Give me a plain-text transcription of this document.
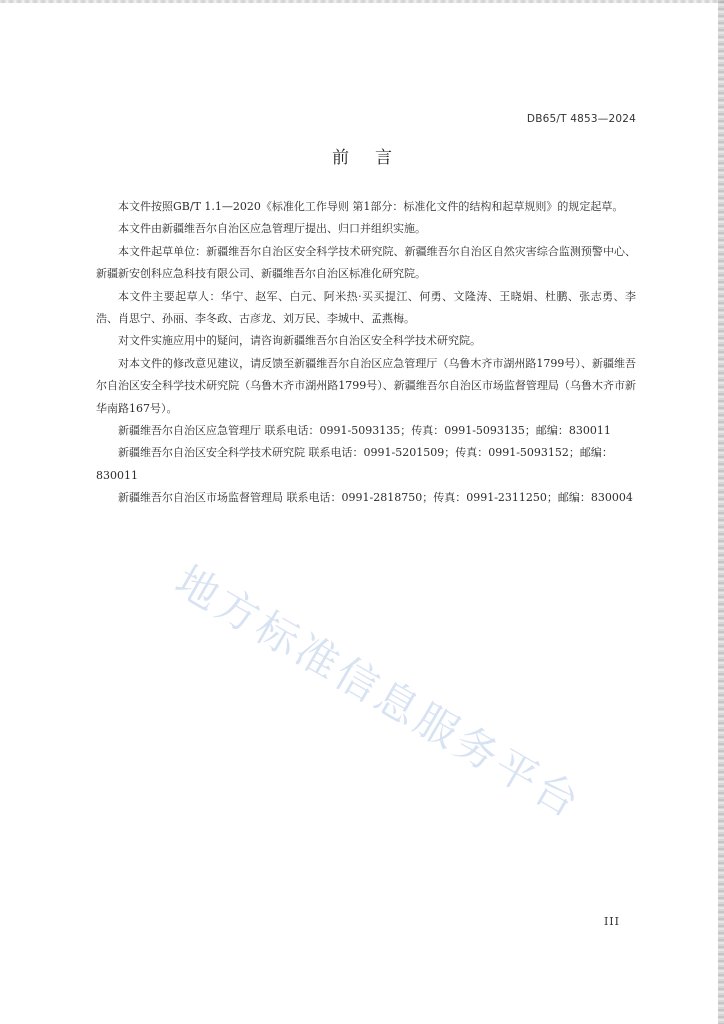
DB65/T 4853—2024
前言

本文件按照GB/T 1.1—2020《标准化工作导则 第1部分：标准化文件的结构和起草规则》的规定起草。

本文件由新疆维吾尔自治区应急管理厅提出、归口并组织实施。

本文件起草单位：新疆维吾尔自治区安全科学技术研究院、新疆维吾尔自治区自然灾害综合监测预警中心、新疆新安创科应急科技有限公司、新疆维吾尔自治区标准化研究院。

本文件主要起草人：华宁、赵军、白元、阿米热·买买提江、何勇、文隆涛、王晓娟、杜鹏、张志勇、李浩、肖思宁、孙丽、李冬政、古彦龙、刘万民、李城中、孟燕梅。

对文件实施应用中的疑问，请咨询新疆维吾尔自治区安全科学技术研究院。

对本文件的修改意见建议，请反馈至新疆维吾尔自治区应急管理厅（乌鲁木齐市湖州路1799号）、新疆维吾尔自治区安全科学技术研究院（乌鲁木齐市湖州路1799号）、新疆维吾尔自治区市场监督管理局（乌鲁木齐市新华南路167号）。

新疆维吾尔自治区应急管理厅 联系电话：0991-5093135；传真：0991-5093135；邮编：830011

新疆维吾尔自治区安全科学技术研究院 联系电话：0991-5201509；传真：0991-5093152；邮编：

830011

新疆维吾尔自治区市场监督管理局 联系电话：0991-2818750；传真：0991-2311250；邮编：830004

地方标准信息服务平台
III
